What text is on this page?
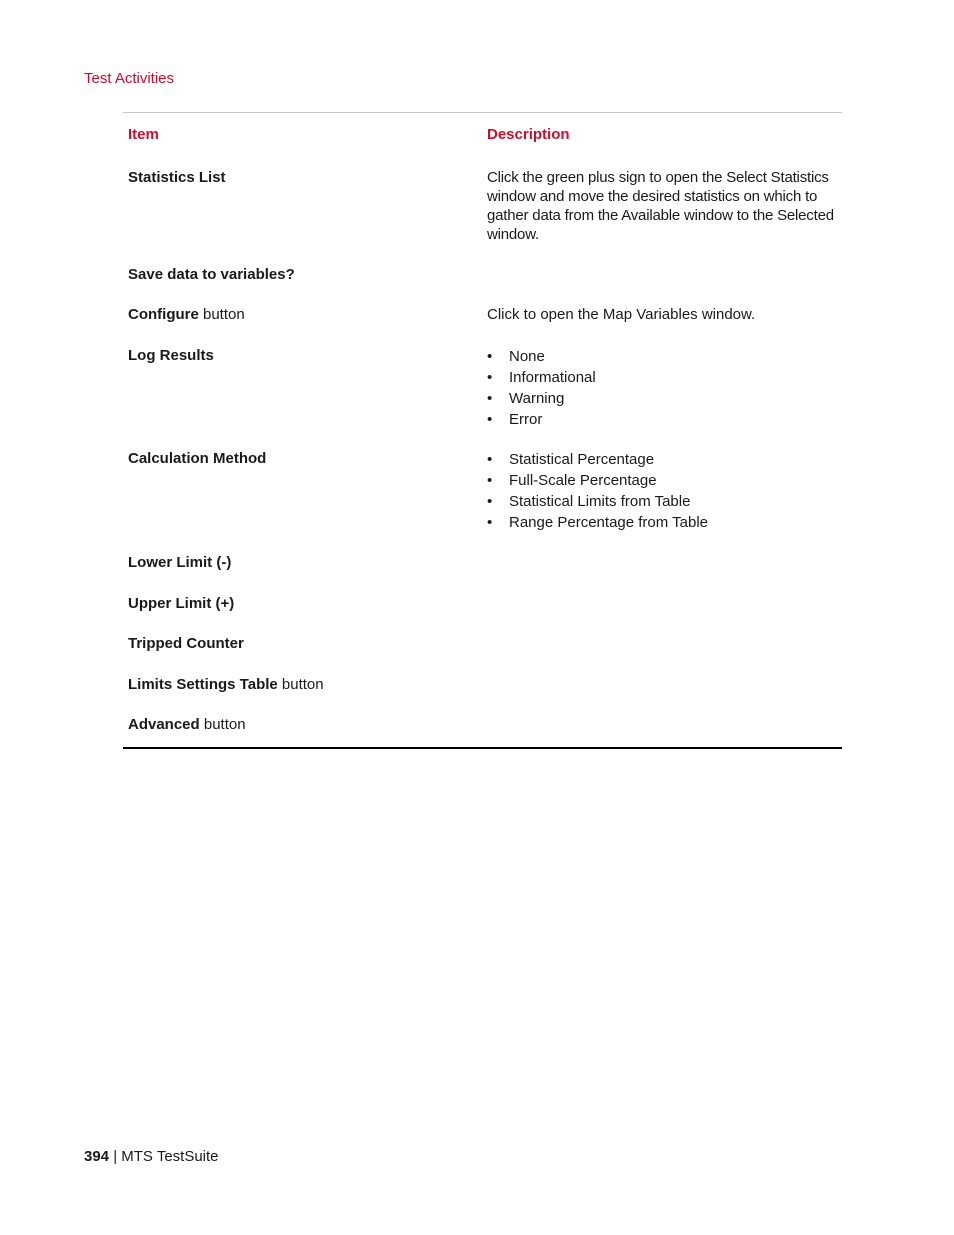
Test Activities
Item	Description
Statistics List	Click the green plus sign to open the Select Statistics window and move the desired statistics on which to gather data from the Available window to the Selected window.
Save data to variables?
Configure button	Click to open the Map Variables window.
Log Results	• None
• Informational
• Warning
• Error
Calculation Method	• Statistical Percentage
• Full-Scale Percentage
• Statistical Limits from Table
• Range Percentage from Table
Lower Limit (-)
Upper Limit (+)
Tripped Counter
Limits Settings Table button
Advanced button
394 | MTS TestSuite
